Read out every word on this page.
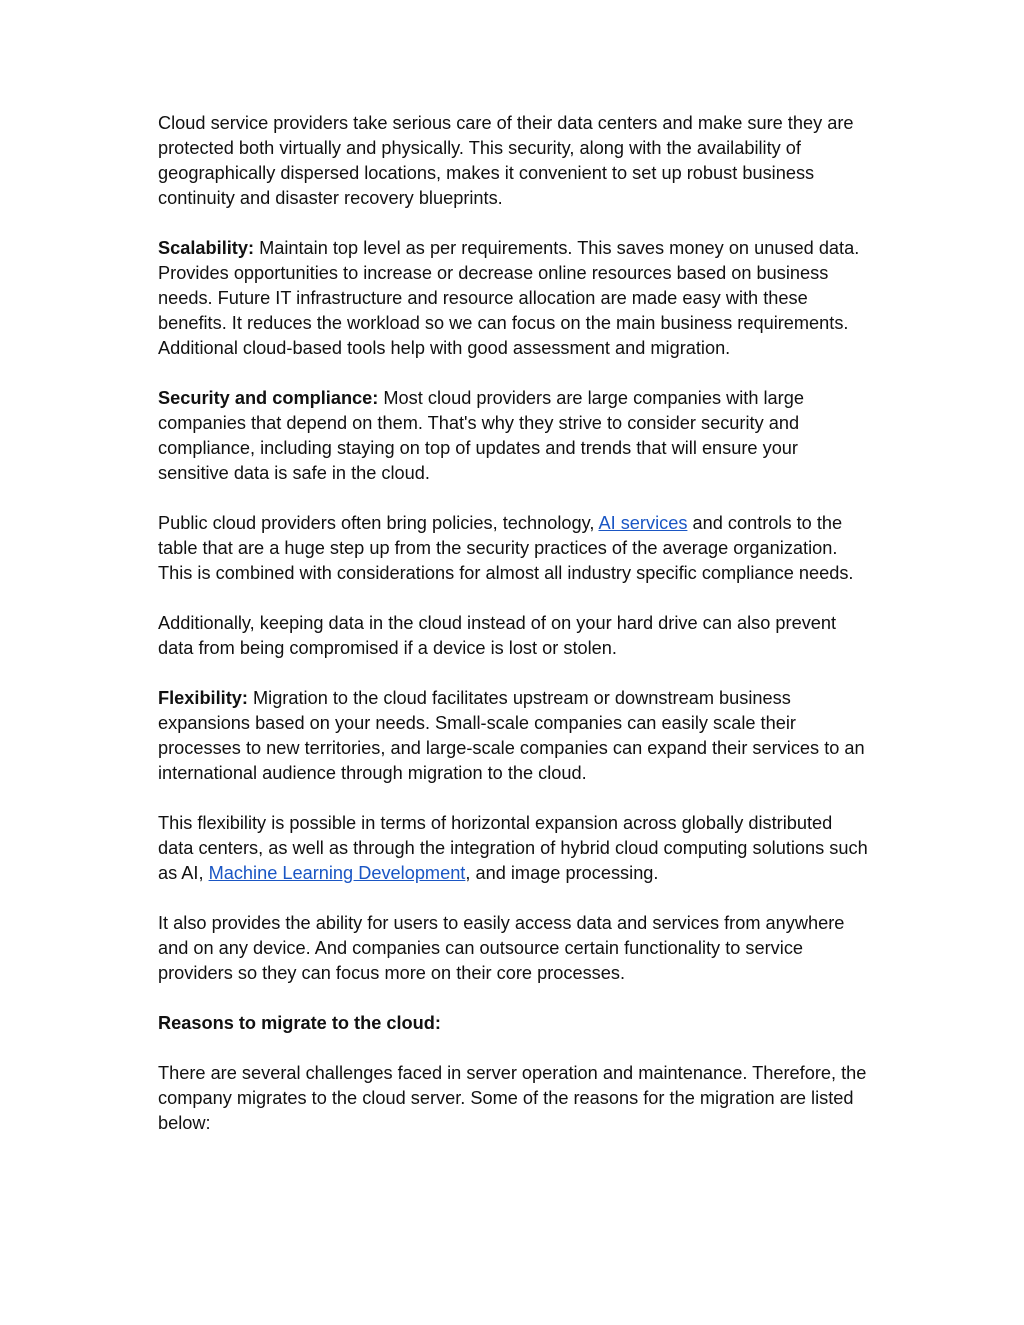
Cloud service providers take serious care of their data centers and make sure they are protected both virtually and physically. This security, along with the availability of geographically dispersed locations, makes it convenient to set up robust business continuity and disaster recovery blueprints.

Scalability: Maintain top level as per requirements. This saves money on unused data. Provides opportunities to increase or decrease online resources based on business needs. Future IT infrastructure and resource allocation are made easy with these benefits. It reduces the workload so we can focus on the main business requirements. Additional cloud-based tools help with good assessment and migration.

Security and compliance: Most cloud providers are large companies with large companies that depend on them. That's why they strive to consider security and compliance, including staying on top of updates and trends that will ensure your sensitive data is safe in the cloud.

Public cloud providers often bring policies, technology, AI services and controls to the table that are a huge step up from the security practices of the average organization. This is combined with considerations for almost all industry specific compliance needs.

Additionally, keeping data in the cloud instead of on your hard drive can also prevent data from being compromised if a device is lost or stolen.

Flexibility: Migration to the cloud facilitates upstream or downstream business expansions based on your needs. Small-scale companies can easily scale their processes to new territories, and large-scale companies can expand their services to an international audience through migration to the cloud.

This flexibility is possible in terms of horizontal expansion across globally distributed data centers, as well as through the integration of hybrid cloud computing solutions such as AI, Machine Learning Development, and image processing.

It also provides the ability for users to easily access data and services from anywhere and on any device. And companies can outsource certain functionality to service providers so they can focus more on their core processes.

Reasons to migrate to the cloud:

There are several challenges faced in server operation and maintenance. Therefore, the company migrates to the cloud server. Some of the reasons for the migration are listed below:
